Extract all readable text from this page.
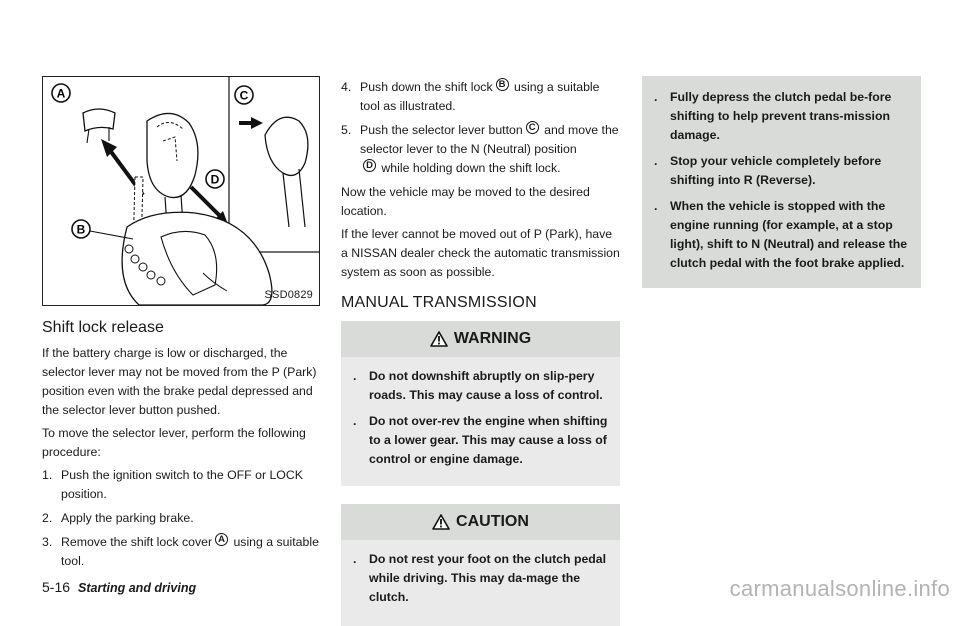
A	C
D
B
SSD0829
Shift lock release

If the battery charge is low or discharged, the selector lever may not be moved from the P (Park) position even with the brake pedal depressed and the selector lever button pushed.

To move the selector lever, perform the following procedure:

1. Push the ignition switch to the OFF or LOCK position.
2. Apply the parking brake.
3. Remove the shift lock cover A using a suitable tool.
4. Push down the shift lock B using a suitable tool as illustrated.
5. Push the selector lever button C and move the selector lever to the N (Neutral) position
D while holding down the shift lock.

Now the vehicle may be moved to the desired location.

If the lever cannot be moved out of P (Park), have a NISSAN dealer check the automatic transmission system as soon as possible.

MANUAL TRANSMISSION
WARNING
. Do not downshift abruptly on slip-pery roads. This may cause a loss of control.
. Do not over-rev the engine when shifting to a lower gear. This may cause a loss of control or engine damage.
CAUTION
. Do not rest your foot on the clutch pedal while driving. This may da-mage the clutch.
. Fully depress the clutch pedal be-fore shifting to help prevent trans-mission damage.
. Stop your vehicle completely before shifting into R (Reverse).
. When the vehicle is stopped with the engine running (for example, at a stop light), shift to N (Neutral) and release the clutch pedal with the foot brake applied.
5-16 Starting and driving	carmanualsonline.info
